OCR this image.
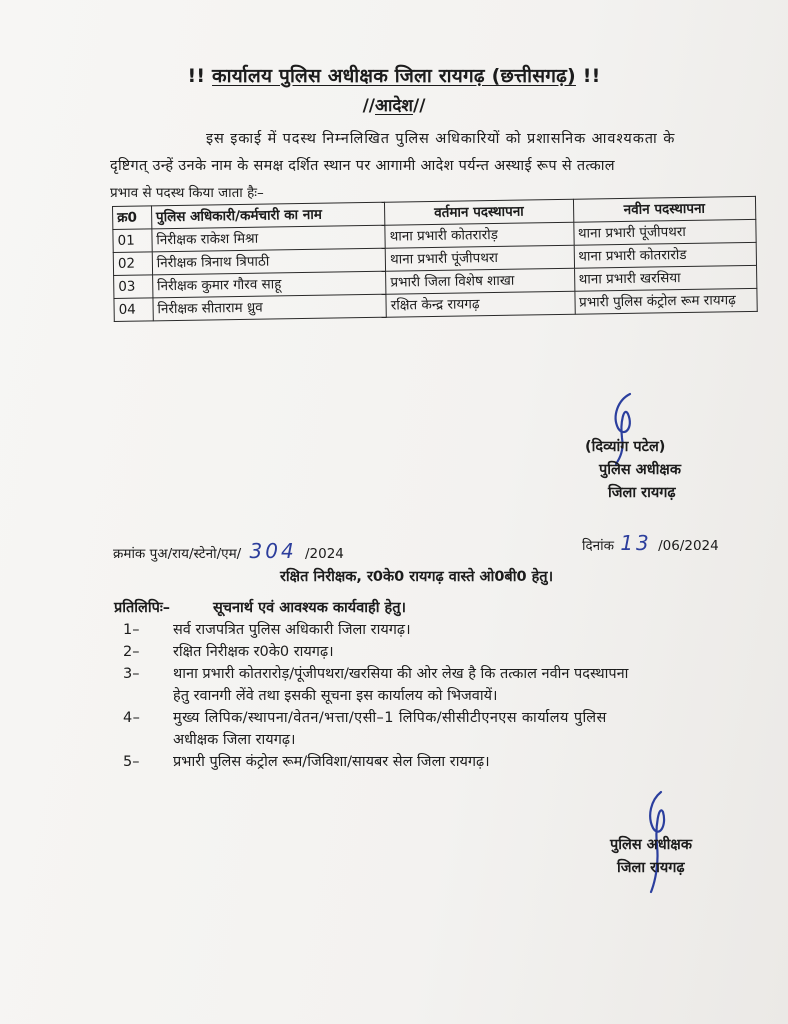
!! कार्यालय पुलिस अधीक्षक जिला रायगढ़ (छत्तीसगढ़) !!
//आदेश//
इस इकाई में पदस्थ निम्नलिखित पुलिस अधिकारियों को प्रशासनिक आवश्यकता के
दृष्टिगत् उन्हें उनके नाम के समक्ष दर्शित स्थान पर आगामी आदेश पर्यन्त अस्थाई रूप से तत्काल
प्रभाव से पदस्थ किया जाता हैः–
क्र0	पुलिस अधिकारी/कर्मचारी का नाम	वर्तमान पदस्थापना	नवीन पदस्थापना
01	निरीक्षक राकेश मिश्रा	थाना प्रभारी कोतरारोड़	थाना प्रभारी पूंजीपथरा
02	निरीक्षक त्रिनाथ त्रिपाठी	थाना प्रभारी पूंजीपथरा	थाना प्रभारी कोतरारोड
03	निरीक्षक कुमार गौरव साहू	प्रभारी जिला विशेष शाखा	थाना प्रभारी खरसिया
04	निरीक्षक सीताराम ध्रुव	रक्षित केन्द्र रायगढ़	प्रभारी पुलिस कंट्रोल रूम रायगढ़
(दिव्यांग पटेल)
पुलिस अधीक्षक
जिला रायगढ़
क्रमांक पुअ/राय/स्टेनो/एम/ 304 /2024	दिनांक 13 /06/2024
रक्षित निरीक्षक, र0के0 रायगढ़ वास्ते ओ0बी0 हेतु।
प्रतिलिपिः–	सूचनार्थ एवं आवश्यक कार्यवाही हेतु।
1– सर्व राजपत्रित पुलिस अधिकारी जिला रायगढ़।
2– रक्षित निरीक्षक र0के0 रायगढ़।
3– थाना प्रभारी कोतरारोड़/पूंजीपथरा/खरसिया की ओर लेख है कि तत्काल नवीन पदस्थापना
हेतु रवानगी लेंवे तथा इसकी सूचना इस कार्यालय को भिजवायें।
4– मुख्य लिपिक/स्थापना/वेतन/भत्ता/एसी–1 लिपिक/सीसीटीएनएस कार्यालय पुलिस
अधीक्षक जिला रायगढ़।
5– प्रभारी पुलिस कंट्रोल रूम/जिविशा/सायबर सेल जिला रायगढ़।
पुलिस अधीक्षक
जिला रायगढ़
